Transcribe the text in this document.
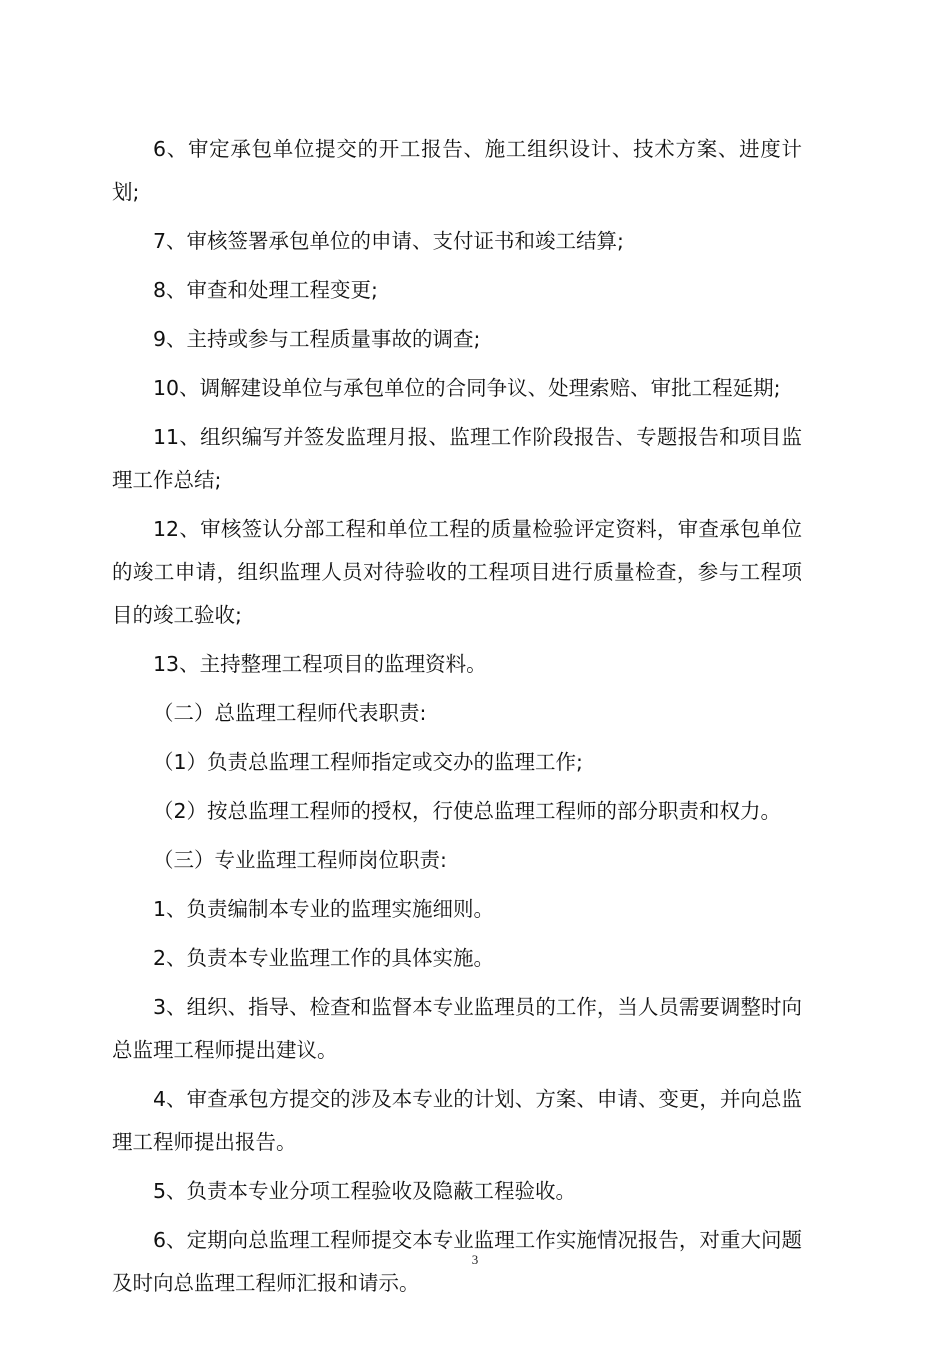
6、审定承包单位提交的开工报告、施工组织设计、技术方案、进度计划;

7、审核签署承包单位的申请、支付证书和竣工结算;

8、审查和处理工程变更;

9、主持或参与工程质量事故的调查;

10、调解建设单位与承包单位的合同争议、处理索赔、审批工程延期;

11、组织编写并签发监理月报、监理工作阶段报告、专题报告和项目监理工作总结;

12、审核签认分部工程和单位工程的质量检验评定资料，审查承包单位的竣工申请，组织监理人员对待验收的工程项目进行质量检查，参与工程项目的竣工验收;

13、主持整理工程项目的监理资料。

（二）总监理工程师代表职责:

（1）负责总监理工程师指定或交办的监理工作;

（2）按总监理工程师的授权，行使总监理工程师的部分职责和权力。

（三）专业监理工程师岗位职责:

1、负责编制本专业的监理实施细则。

2、负责本专业监理工作的具体实施。

3、组织、指导、检查和监督本专业监理员的工作，当人员需要调整时向总监理工程师提出建议。

4、审查承包方提交的涉及本专业的计划、方案、申请、变更，并向总监理工程师提出报告。

5、负责本专业分项工程验收及隐蔽工程验收。

6、定期向总监理工程师提交本专业监理工作实施情况报告，对重大问题及时向总监理工程师汇报和请示。

3
